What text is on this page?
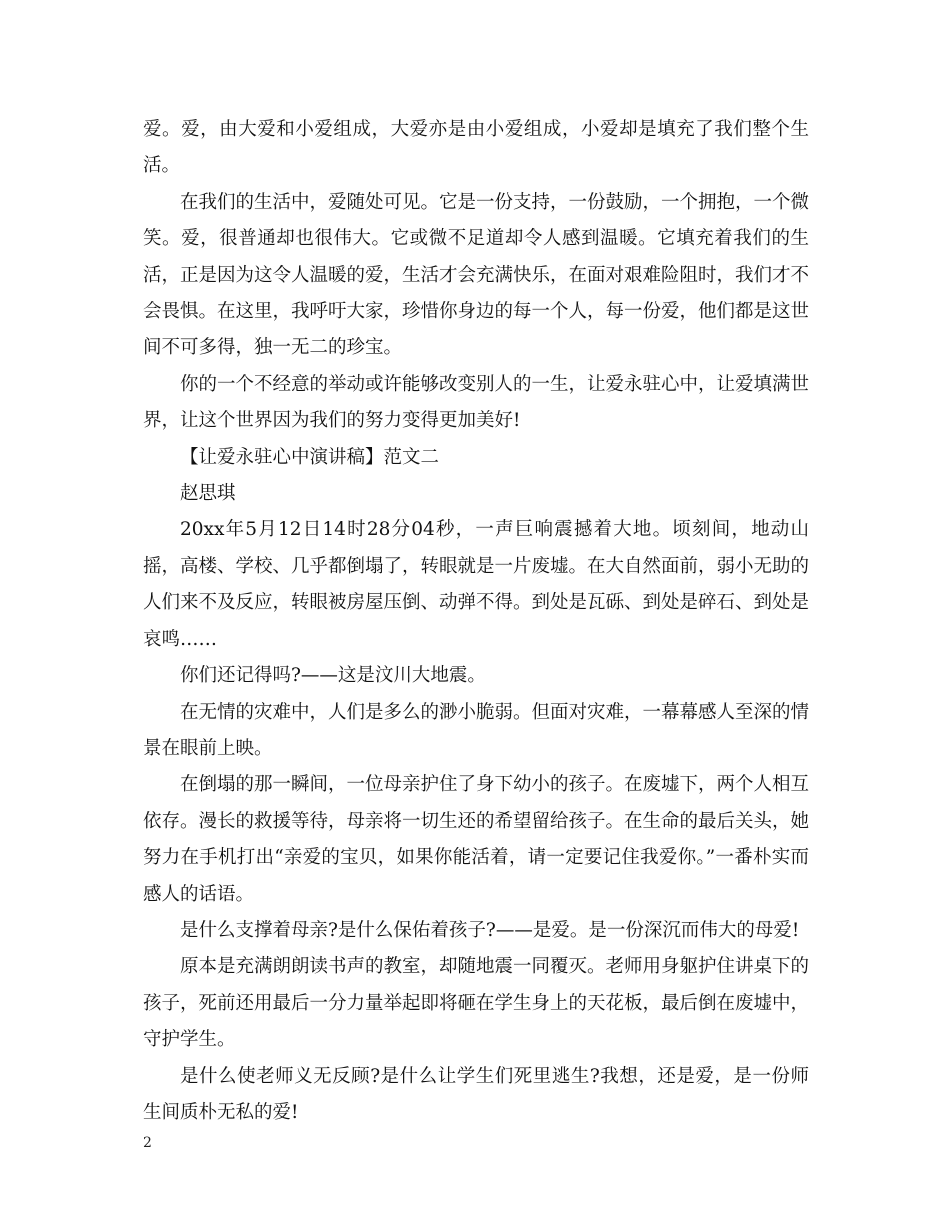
爱。爱，由大爱和小爱组成，大爱亦是由小爱组成，小爱却是填充了我们整个生活。

在我们的生活中，爱随处可见。它是一份支持，一份鼓励，一个拥抱，一个微笑。爱，很普通却也很伟大。它或微不足道却令人感到温暖。它填充着我们的生活，正是因为这令人温暖的爱，生活才会充满快乐，在面对艰难险阻时，我们才不会畏惧。在这里，我呼吁大家，珍惜你身边的每一个人，每一份爱，他们都是这世间不可多得，独一无二的珍宝。

你的一个不经意的举动或许能够改变别人的一生，让爱永驻心中，让爱填满世界，让这个世界因为我们的努力变得更加美好!

【让爱永驻心中演讲稿】范文二

赵思琪

20xx年5月12日14时28分04秒，一声巨响震撼着大地。顷刻间，地动山摇，高楼、学校、几乎都倒塌了，转眼就是一片废墟。在大自然面前，弱小无助的人们来不及反应，转眼被房屋压倒、动弹不得。到处是瓦砾、到处是碎石、到处是哀鸣……

你们还记得吗?——这是汶川大地震。

在无情的灾难中，人们是多么的渺小脆弱。但面对灾难，一幕幕感人至深的情景在眼前上映。

在倒塌的那一瞬间，一位母亲护住了身下幼小的孩子。在废墟下，两个人相互依存。漫长的救援等待，母亲将一切生还的希望留给孩子。在生命的最后关头，她努力在手机打出“亲爱的宝贝，如果你能活着，请一定要记住我爱你。”一番朴实而感人的话语。

是什么支撑着母亲?是什么保佑着孩子?——是爱。是一份深沉而伟大的母爱!

原本是充满朗朗读书声的教室，却随地震一同覆灭。老师用身躯护住讲桌下的孩子，死前还用最后一分力量举起即将砸在学生身上的天花板，最后倒在废墟中，守护学生。

是什么使老师义无反顾?是什么让学生们死里逃生?我想，还是爱，是一份师生间质朴无私的爱!

2
